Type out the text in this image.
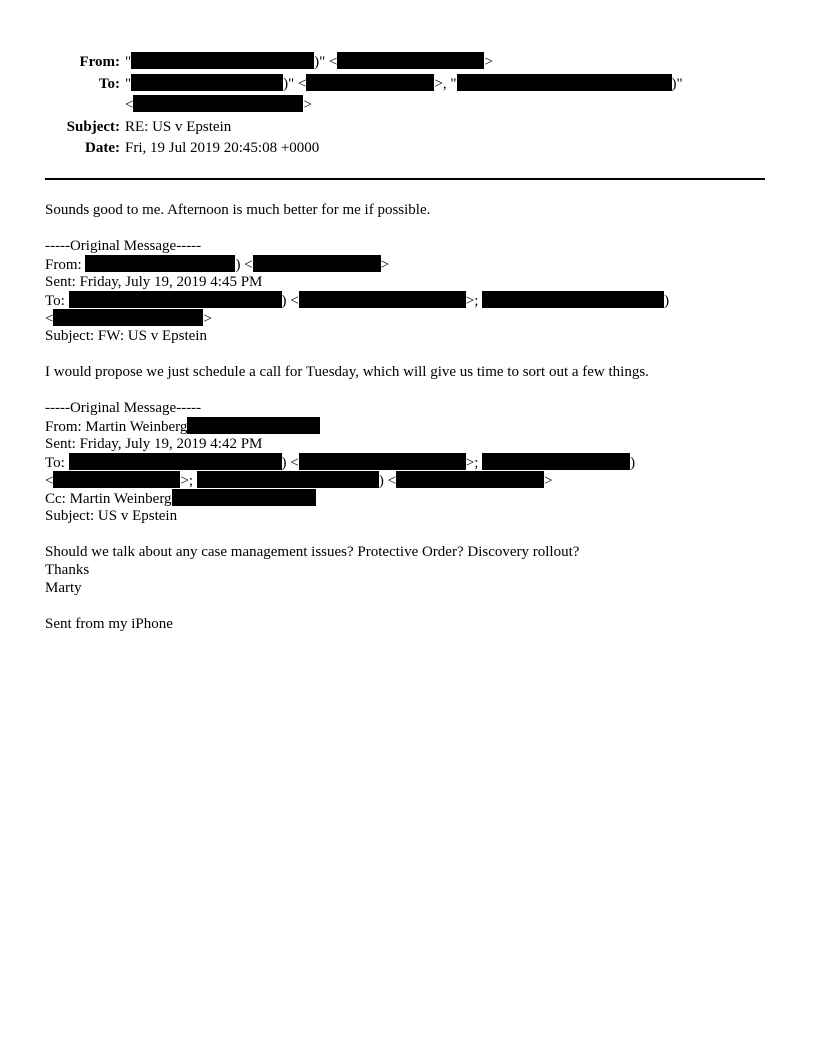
From: "	)" <	>
To: "	)" <	>, "	)"
<	>
Subject: RE: US v Epstein
Date: Fri, 19 Jul 2019 20:45:08 +0000
Sounds good to me. Afternoon is much better for me if possible.
-----Original Message-----
From:	) <	>
Sent: Friday, July 19, 2019 4:45 PM
To:	) <	>;	)
<	>
Subject: FW: US v Epstein
I would propose we just schedule a call for Tuesday, which will give us time to sort out a few things.
-----Original Message-----
From: Martin Weinberg
Sent: Friday, July 19, 2019 4:42 PM
To:	) <	>;	)
<	>;	) <	>
Cc: Martin Weinberg
Subject: US v Epstein
Should we talk about any case management issues? Protective Order? Discovery rollout?
Thanks
Marty
Sent from my iPhone
